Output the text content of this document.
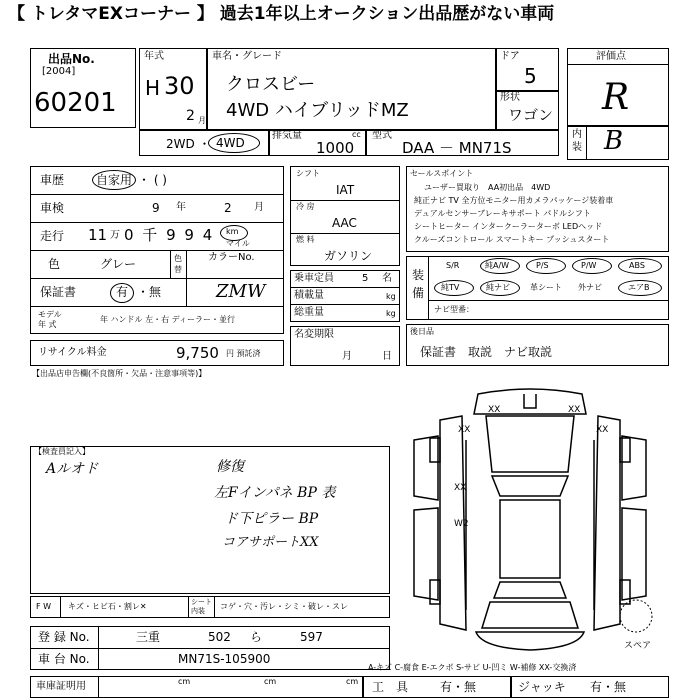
【 トレタマEXコーナー 】 過去1年以上オークション出品歴がない車両
出品No.
[2004]
60201
年式
H 30
2 月
車名・グレード
クロスビー
4WD ハイブリッドMZ
ドア
5
形状
ワゴン
2WD ・ 4WD
排気量	cc
1000
型式
DAA － MN71S
評価点
R
内
装 B
車歴	自家用 ・ ( )
車検	9 年	2 月
走行 11 万 0 千 9 9 4 km
マイル
色	グレー	色
替
カラーNo.
保証書	有 ・無	ZMW
モデル
年 式
年 ハンドル 左・右 ディーラー・並行
リサイクル料金	9,750 円 預託済
シフト
IAT
冷 房
AAC
燃 料
ガソリン
乗車定員	5 名
積載量	kg
総重量	kg
名変期限
月	日
セールスポイント
ユーザー買取り　AA初出品　4WD
純正ナビ TV 全方位モニター用カメラパッケージ装着車
デュアルセンサーブレーキサポート パドルシフト
シートヒーター インタークーラーターボ LEDヘッド
クルーズコントロール スマートキー プッシュスタート
装
備
S/R	純A/W	P/S	P/W	ABS
純TV	純ナビ	革シート 外ナビ	エアB
ナビ型番：
後日品
保証書　取説　ナビ取説
【出品店申告欄(不良箇所・欠品・注意事項等)】
【検査員記入】
Aルオド	修復
左Fインパネ BP 表
ド下ピラー BP
コアサポートXX
F W キズ・ヒビ石・割レ✕	シート
内装	コゲ・穴・汚レ・シミ・破レ・スレ
登 録 No.	三重	502 ら	597
車 台 No.	MN71S-105900
車庫証明用	cm	cm	cm 工　具	有・無	ジャッキ 有・無
A-キズ C-腐食 E-エクボ S-サビ U-凹ミ W-補修 XX-交換済
XX
XX	XX
XX
XX
W2
スペア
